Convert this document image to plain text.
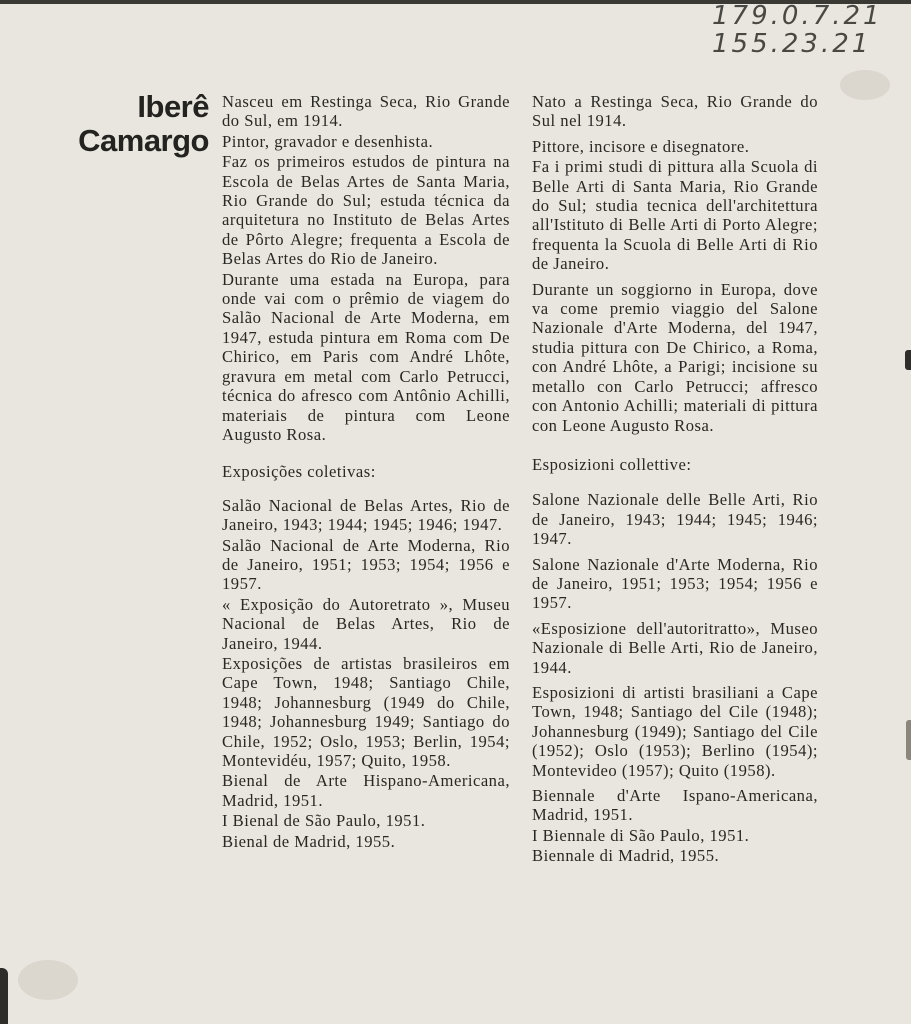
179.0.7.21
155.23.21
Iberê
Camargo

Nasceu em Restinga Seca, Rio Grande do Sul, em 1914.

Pintor, gravador e desenhista.

Faz os primeiros estudos de pintura na Escola de Belas Artes de Santa Maria, Rio Grande do Sul; estuda técnica da arquitetura no Instituto de Belas Artes de Pôrto Alegre; frequenta a Escola de Belas Artes do Rio de Janeiro.

Durante uma estada na Europa, para onde vai com o prêmio de viagem do Salão Nacional de Arte Moderna, em 1947, estuda pintura em Roma com De Chirico, em Paris com André Lhôte, gravura em metal com Carlo Petrucci, técnica do afresco com Antônio Achilli, materiais de pintura com Leone Augusto Rosa.

Exposições coletivas:

Salão Nacional de Belas Artes, Rio de Janeiro, 1943; 1944; 1945; 1946; 1947.

Salão Nacional de Arte Moderna, Rio de Janeiro, 1951; 1953; 1954; 1956 e 1957.

« Exposição do Autoretrato », Museu Nacional de Belas Artes, Rio de Janeiro, 1944.

Exposições de artistas brasileiros em Cape Town, 1948; Santiago Chile, 1948; Johannesburg (1949 do Chile, 1948; Johannesburg 1949; Santiago do Chile, 1952; Oslo, 1953; Berlin, 1954; Montevidéu, 1957; Quito, 1958.

Bienal de Arte Hispano-Americana, Madrid, 1951.

I Bienal de São Paulo, 1951.

Bienal de Madrid, 1955.

Nato a Restinga Seca, Rio Grande do Sul nel 1914.

Pittore, incisore e disegnatore.

Fa i primi studi di pittura alla Scuola di Belle Arti di Santa Maria, Rio Grande do Sul; studia tecnica dell'architettura all'Istituto di Belle Arti di Porto Alegre; frequenta la Scuola di Belle Arti di Rio de Janeiro.

Durante un soggiorno in Europa, dove va come premio viaggio del Salone Nazionale d'Arte Moderna, del 1947, studia pittura con De Chirico, a Roma, con André Lhôte, a Parigi; incisione su metallo con Carlo Petrucci; affresco con Antonio Achilli; materiali di pittura con Leone Augusto Rosa.

Esposizioni collettive:

Salone Nazionale delle Belle Arti, Rio de Janeiro, 1943; 1944; 1945; 1946; 1947.

Salone Nazionale d'Arte Moderna, Rio de Janeiro, 1951; 1953; 1954; 1956 e 1957.

«Esposizione dell'autoritratto», Museo Nazionale di Belle Arti, Rio de Janeiro, 1944.

Esposizioni di artisti brasiliani a Cape Town, 1948; Santiago del Cile (1948); Johannesburg (1949); Santiago del Cile (1952); Oslo (1953); Berlino (1954); Montevideo (1957); Quito (1958).

Biennale d'Arte Ispano-Americana, Madrid, 1951.

I Biennale di São Paulo, 1951.

Biennale di Madrid, 1955.
